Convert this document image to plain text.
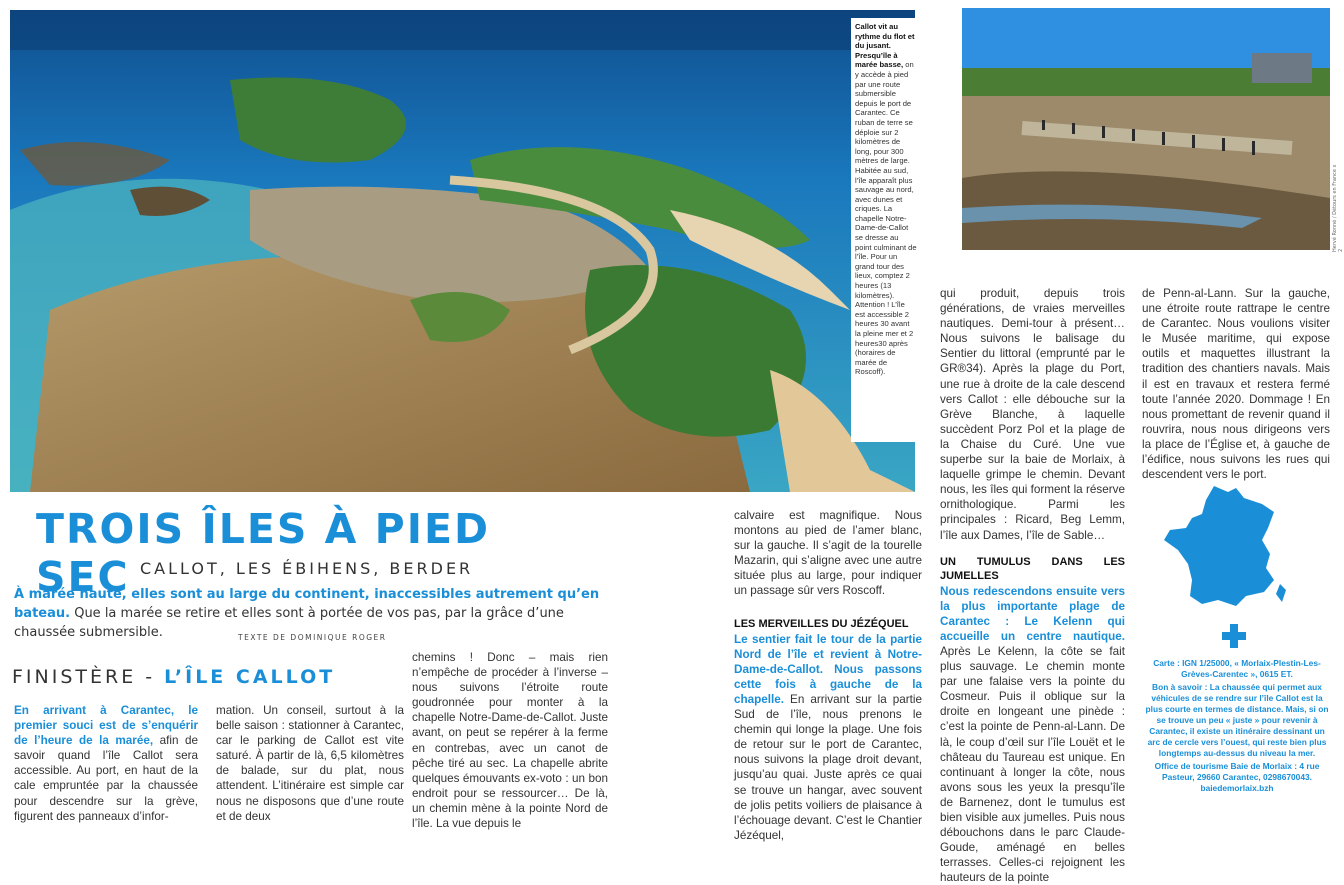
Callot vit au rythme du flot et du jusant. Presqu’île à marée basse, on y accède à pied par une route submersible depuis le port de Carantec. Ce ruban de terre se déploie sur 2 kilomètres de long, pour 300 mètres de large. Habitée au sud, l’île apparaît plus sauvage au nord, avec dunes et criques. La chapelle Notre-Dame-de-Callot se dresse au point culminant de l’île. Pour un grand tour des lieux, comptez 2 heures (13 kilomètres). Attention ! L’île est accessible 2 heures 30 avant la pleine mer et 2 heures30 après (horaires de marée de Roscoff).
Hervé Ronné / Détours en France x 2
TROIS ÎLES À PIED SEC CALLOT, LES ÉBIHENS, BERDER
À marée haute, elles sont au large du continent, inaccessibles autrement qu’en bateau. Que la marée se retire et elles sont à portée de vos pas, par la grâce d’une chaussée submersible.	TEXTE DE DOMINIQUE ROGER
FINISTÈRE - L’ÎLE CALLOT
En arrivant à Carantec, le premier souci est de s’enquérir de l’heure de la marée, afin de savoir quand l’île Callot sera accessible. Au port, en haut de la cale empruntée par la chaussée pour descendre sur la grève, figurent des panneaux d’infor-
mation. Un conseil, surtout à la belle saison : stationner à Carantec, car le parking de Callot est vite saturé. À partir de là, 6,5 kilomètres de balade, sur du plat, nous attendent. L’itinéraire est simple car nous ne disposons que d’une route et de deux
chemins ! Donc – mais rien n’empêche de procéder à l’inverse – nous suivons l’étroite route goudronnée pour monter à la chapelle Notre-Dame-de-Callot. Juste avant, on peut se repérer à la ferme en contrebas, avec un canot de pêche tiré au sec. La chapelle abrite quelques émouvants ex-voto : un bon endroit pour se ressourcer… De là, un chemin mène à la pointe Nord de l’île. La vue depuis le

calvaire est magnifique. Nous montons au pied de l’amer blanc, sur la gauche. Il s’agit de la tourelle Mazarin, qui s’aligne avec une autre située plus au large, pour indiquer un passage sûr vers Roscoff.

LES MERVEILLES DU JÉZÉQUEL

Le sentier fait le tour de la partie Nord de l’île et revient à Notre-Dame-de-Callot. Nous passons cette fois à gauche de la chapelle. En arrivant sur la partie Sud de l’île, nous prenons le chemin qui longe la plage. Une fois de retour sur le port de Carantec, nous suivons la plage droit devant, jusqu’au quai. Juste après ce quai se trouve un hangar, avec souvent de jolis petits voiliers de plaisance à l’échouage devant. C’est le Chantier Jézéquel,

qui produit, depuis trois générations, de vraies merveilles nautiques. Demi-tour à présent… Nous suivons le balisage du Sentier du littoral (emprunté par le GR®34). Après la plage du Port, une rue à droite de la cale descend vers Callot : elle débouche sur la Grève Blanche, à laquelle succèdent Porz Pol et la plage de la Chaise du Curé. Une vue superbe sur la baie de Morlaix, à laquelle grimpe le chemin. Devant nous, les îles qui forment la réserve ornithologique. Parmi les principales : Ricard, Beg Lemm, l’île aux Dames, l’île de Sable…

UN TUMULUS DANS LES JUMELLES

Nous redescendons ensuite vers la plus importante plage de Carantec : Le Kelenn qui accueille un centre nautique. Après Le Kelenn, la côte se fait plus sauvage. Le chemin monte par une falaise vers la pointe du Cosmeur. Puis il oblique sur la droite en longeant une pinède : c’est la pointe de Penn-al-Lann. De là, le coup d’œil sur l’île Louët et le château du Taureau est unique. En continuant à longer la côte, nous avons sous les yeux la presqu’île de Barnenez, dont le tumulus est bien visible aux jumelles. Puis nous débouchons dans le parc Claude-Goude, aménagé en belles terrasses. Celles-ci rejoignent les hauteurs de la pointe

de Penn-al-Lann. Sur la gauche, une étroite route rattrape le centre de Carantec. Nous voulions visiter le Musée maritime, qui expose outils et maquettes illustrant la tradition des chantiers navals. Mais il est en travaux et restera fermé toute l’année 2020. Dommage ! En nous promettant de revenir quand il rouvrira, nous nous dirigeons vers la place de l’Église et, à gauche de l’édifice, nous suivons les rues qui descendent vers le port.

Carte : IGN 1/25000, « Morlaix-Plestin-Les-Grèves-Carentec », 0615 ET.

Bon à savoir : La chaussée qui permet aux véhicules de se rendre sur l’île Callot est la plus courte en termes de distance. Mais, si on se trouve un peu « juste » pour revenir à Carantec, il existe un itinéraire dessinant un arc de cercle vers l’ouest, qui reste bien plus longtemps au-dessus du niveau la mer.

Office de tourisme Baie de Morlaix : 4 rue Pasteur, 29660 Carantec, 0298670043. baiedemorlaix.bzh
